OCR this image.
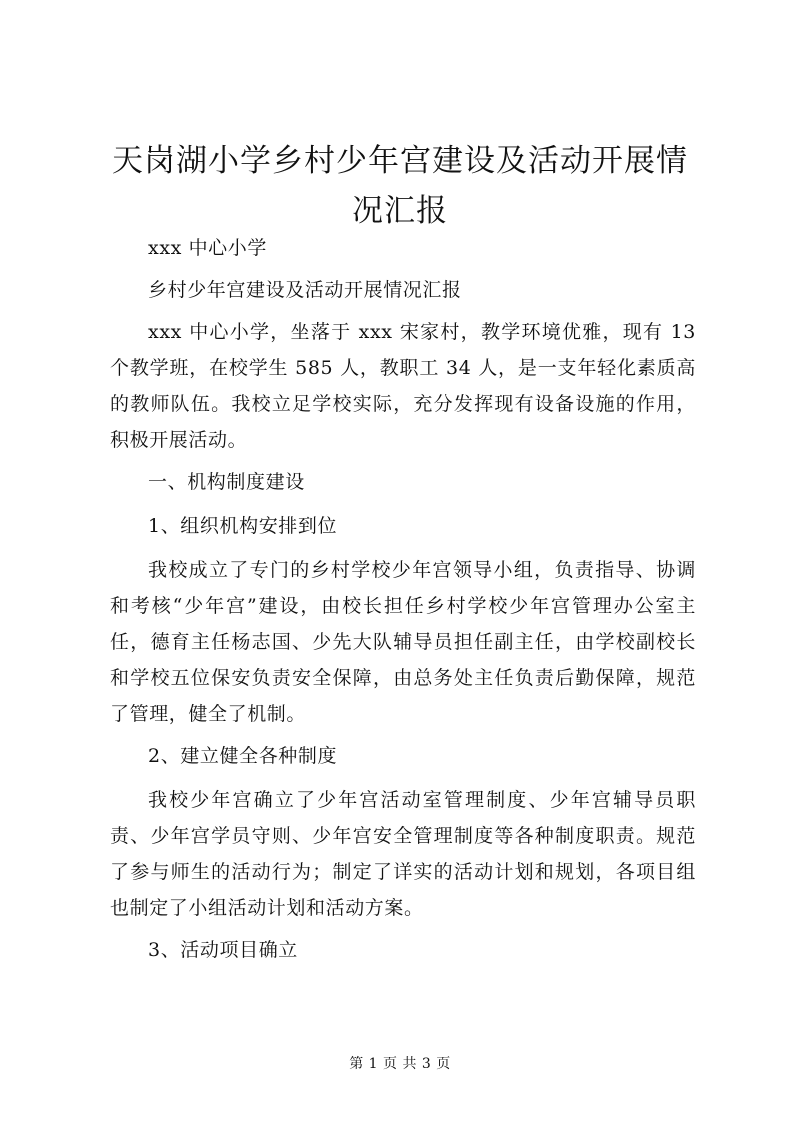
天岗湖小学乡村少年宫建设及活动开展情况汇报

xxx 中心小学

乡村少年宫建设及活动开展情况汇报

xxx 中心小学，坐落于 xxx 宋家村，教学环境优雅，现有 13 个教学班，在校学生 585 人，教职工 34 人，是一支年轻化素质高的教师队伍。我校立足学校实际，充分发挥现有设备设施的作用，积极开展活动。

一、机构制度建设

1、组织机构安排到位

我校成立了专门的乡村学校少年宫领导小组，负责指导、协调和考核“少年宫”建设，由校长担任乡村学校少年宫管理办公室主任，德育主任杨志国、少先大队辅导员担任副主任，由学校副校长和学校五位保安负责安全保障，由总务处主任负责后勤保障，规范了管理，健全了机制。

2、建立健全各种制度

我校少年宫确立了少年宫活动室管理制度、少年宫辅导员职责、少年宫学员守则、少年宫安全管理制度等各种制度职责。规范了参与师生的活动行为；制定了详实的活动计划和规划，各项目组也制定了小组活动计划和活动方案。

3、活动项目确立

第 1 页 共 3 页
